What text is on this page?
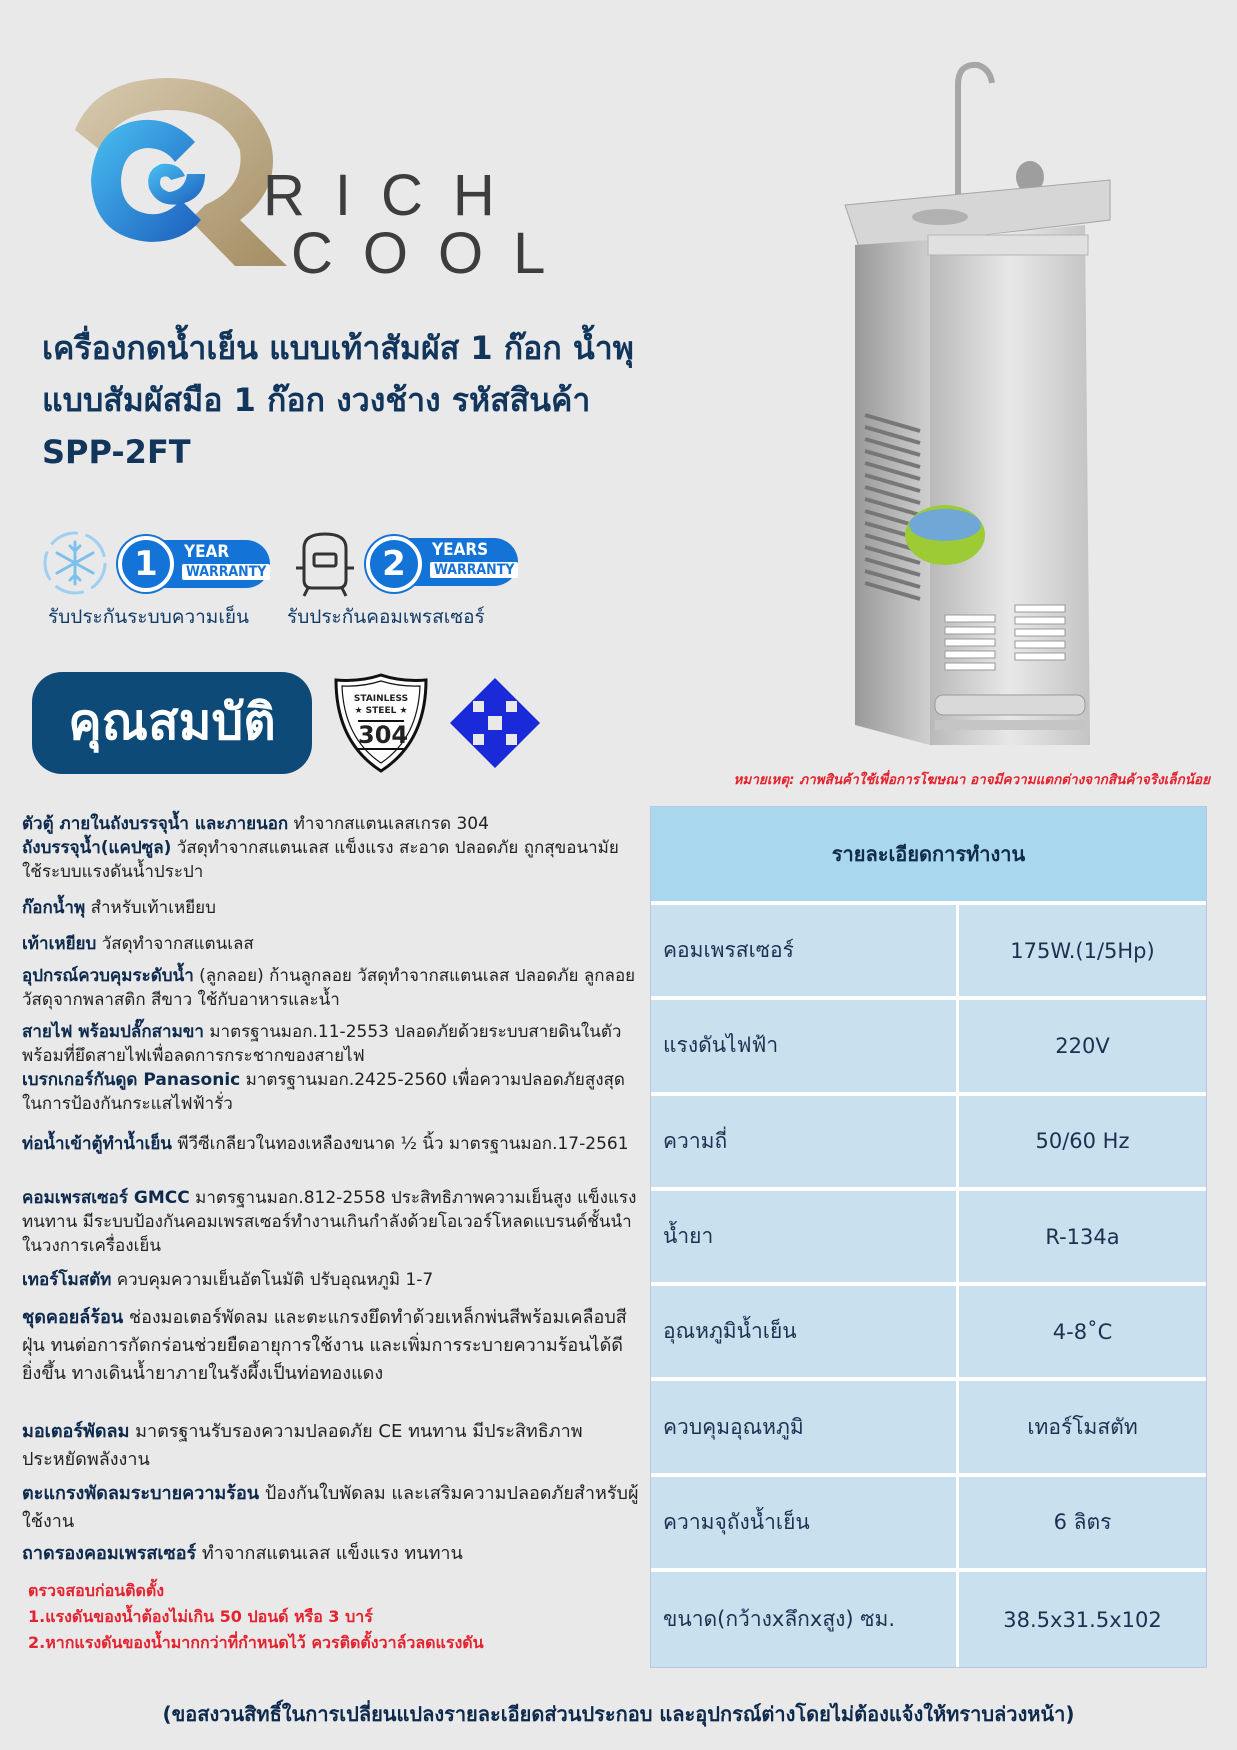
RICH
COOL
เครื่องกดน้ำเย็น แบบเท้าสัมผัส 1 ก๊อก น้ำพุ
แบบสัมผัสมือ 1 ก๊อก งวงช้าง รหัสสินค้า
SPP-2FT
YEAR
WARRANTY
1
รับประกันระบบความเย็น
YEARS
WARRANTY
2
รับประกันคอมเพรสเซอร์
คุณสมบัติ	STAINLESS
★ STEEL ★
304
หมายเหตุ: ภาพสินค้าใช้เพื่อการโฆษณา อาจมีความแตกต่างจากสินค้าจริงเล็กน้อย
ตัวตู้ ภายในถังบรรจุน้ำ และภายนอก ทำจากสแตนเลสเกรด 304
ถังบรรจุน้ำ(แคปซูล) วัสดุทำจากสแตนเลส แข็งแรง สะอาด ปลอดภัย ถูกสุขอนามัย ใช้ระบบแรงดันน้ำประปา
ก๊อกน้ำพุ สำหรับเท้าเหยียบ
เท้าเหยียบ วัสดุทำจากสแตนเลส
อุปกรณ์ควบคุมระดับน้ำ (ลูกลอย) ก้านลูกลอย วัสดุทำจากสแตนเลส ปลอดภัย ลูกลอยวัสดุจากพลาสติก สีขาว ใช้กับอาหารและน้ำ
สายไฟ พร้อมปลั๊กสามขา มาตรฐานมอก.11-2553 ปลอดภัยด้วยระบบสายดินในตัว พร้อมที่ยึดสายไฟเพื่อลดการกระชากของสายไฟ
เบรกเกอร์กันดูด Panasonic มาตรฐานมอก.2425-2560 เพื่อความปลอดภัยสูงสุดในการป้องกันกระแสไฟฟ้ารั่ว
ท่อน้ำเข้าตู้ทำน้ำเย็น พีวีซีเกลียวในทองเหลืองขนาด ½ นิ้ว มาตรฐานมอก.17-2561
คอมเพรสเซอร์ GMCC มาตรฐานมอก.812-2558 ประสิทธิภาพความเย็นสูง แข็งแรง ทนทาน มีระบบป้องกันคอมเพรสเซอร์ทำงานเกินกำลังด้วยโอเวอร์โหลดแบรนด์ชั้นนำในวงการเครื่องเย็น
เทอร์โมสตัท ควบคุมความเย็นอัตโนมัติ ปรับอุณหภูมิ 1-7
ชุดคอยล์ร้อน ช่องมอเตอร์พัดลม และตะแกรงยึดทำด้วยเหล็กพ่นสีพร้อมเคลือบสีฝุ่น ทนต่อการกัดกร่อนช่วยยืดอายุการใช้งาน และเพิ่มการระบายความร้อนได้ดียิ่งขึ้น ทางเดินน้ำยาภายในรังผึ้งเป็นท่อทองแดง
มอเตอร์พัดลม มาตรฐานรับรองความปลอดภัย CE ทนทาน มีประสิทธิภาพ ประหยัดพลังงาน
ตะแกรงพัดลมระบายความร้อน ป้องกันใบพัดลม และเสริมความปลอดภัยสำหรับผู้ใช้งาน
ถาดรองคอมเพรสเซอร์ ทำจากสแตนเลส แข็งแรง ทนทาน
ตรวจสอบก่อนติดตั้ง
1.แรงดันของน้ำต้องไม่เกิน 50 ปอนด์ หรือ 3 บาร์
2.หากแรงดันของน้ำมากกว่าที่กำหนดไว้ ควรติดตั้งวาล์วลดแรงดัน
รายละเอียดการทำงาน
คอมเพรสเซอร์	175W.(1/5Hp)
แรงดันไฟฟ้า	220V
ความถี่	50/60 Hz
น้ำยา	R-134a
อุณหภูมิน้ำเย็น	4-8˚C
ควบคุมอุณหภูมิ	เทอร์โมสตัท
ความจุถังน้ำเย็น	6 ลิตร
ขนาด(กว้างxลึกxสูง) ซม.	38.5x31.5x102
(ขอสงวนสิทธิ์ในการเปลี่ยนแปลงรายละเอียดส่วนประกอบ และอุปกรณ์ต่างโดยไม่ต้องแจ้งให้ทราบล่วงหน้า)
